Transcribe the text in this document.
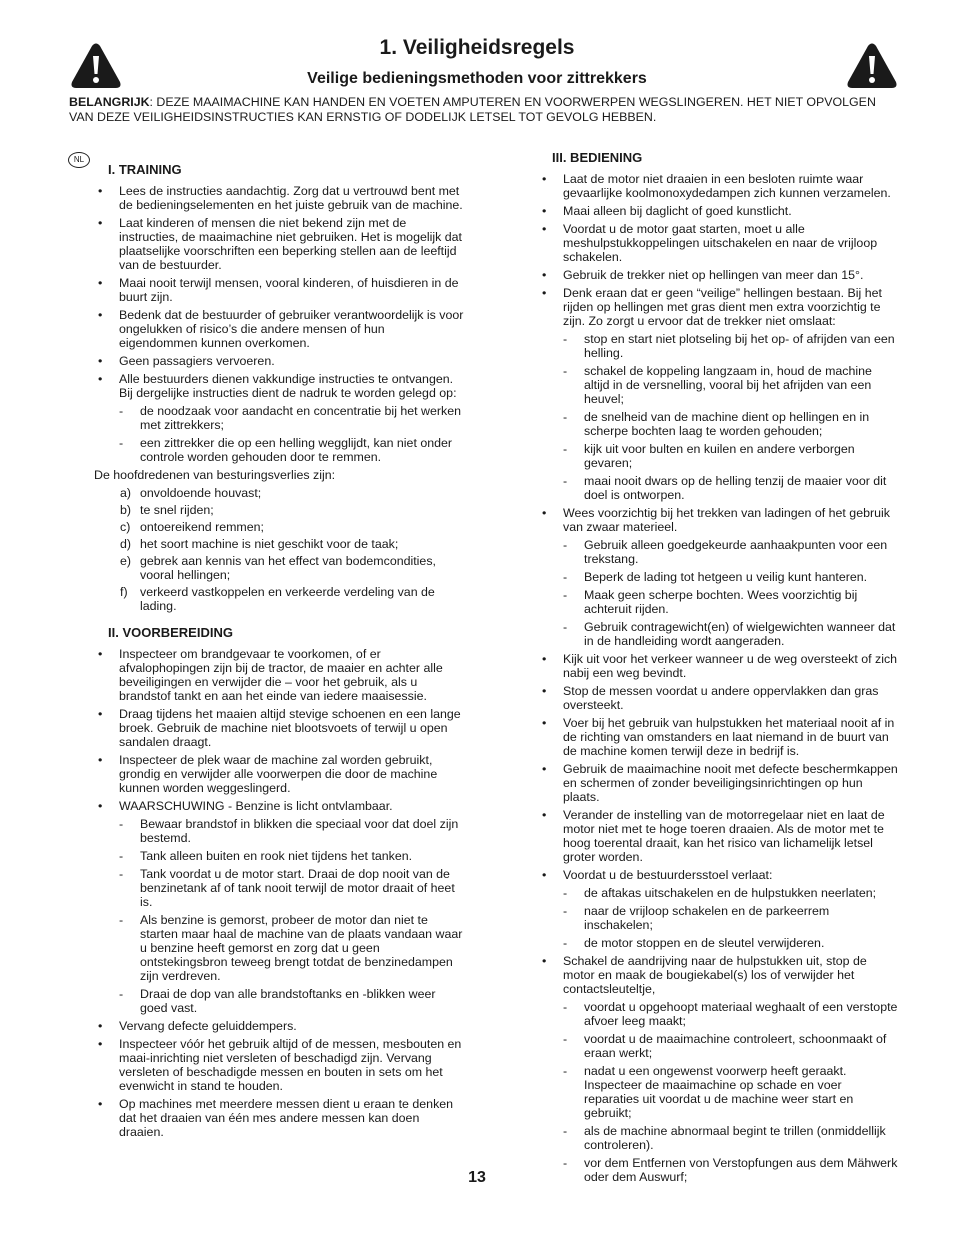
1. Veiligheidsregels
Veilige bedieningsmethoden voor zittrekkers

BELANGRIJK: DEZE MAAIMACHINE KAN HANDEN EN VOETEN AMPUTEREN EN VOORWERPEN WEGSLINGEREN. HET NIET OPVOLGEN VAN DEZE VEILIGHEIDSINSTRUCTIES KAN ERNSTIG OF DODELIJK LETSEL TOT GEVOLG HEBBEN.

NL
I. TRAINING
• Lees de instructies aandachtig. Zorg dat u vertrouwd bent met de bedieningselementen en het juiste gebruik van de machine.
• Laat kinderen of mensen die niet bekend zijn met de instructies, de maaimachine niet gebruiken. Het is mogelijk dat plaatselijke voorschriften een beperking stellen aan de leeftijd van de bestuurder.
• Maai nooit terwijl mensen, vooral kinderen, of huisdieren in de buurt zijn.
• Bedenk dat de bestuurder of gebruiker verantwoordelijk is voor ongelukken of risico’s die andere mensen of hun eigendommen kunnen overkomen.
• Geen passagiers vervoeren.
• Alle bestuurders dienen vakkundige instructies te ontvangen. Bij dergelijke instructies dient de nadruk te worden gelegd op:
- de noodzaak voor aandacht en concentratie bij het werken met zittrekkers;
- een zittrekker die op een helling wegglijdt, kan niet onder controle worden gehouden door te remmen.
De hoofdredenen van besturingsverlies zijn:
a) onvoldoende houvast;
b) te snel rijden;
c) ontoereikend remmen;
d) het soort machine is niet geschikt voor de taak;
e) gebrek aan kennis van het effect van bodemcondities, vooral hellingen;
f) verkeerd vastkoppelen en verkeerde verdeling van de lading.
II. VOORBEREIDING
• Inspecteer om brandgevaar te voorkomen, of er afvalophopingen zijn bij de tractor, de maaier en achter alle beveiligingen en verwijder die – voor het gebruik, als u brandstof tankt en aan het einde van iedere maaisessie.
• Draag tijdens het maaien altijd stevige schoenen en een lange broek. Gebruik de machine niet blootsvoets of terwijl u open sandalen draagt.
• Inspecteer de plek waar de machine zal worden gebruikt, grondig en verwijder alle voorwerpen die door de machine kunnen worden weggeslingerd.
• WAARSCHUWING - Benzine is licht ontvlambaar.
- Bewaar brandstof in blikken die speciaal voor dat doel zijn bestemd.
- Tank alleen buiten en rook niet tijdens het tanken.
- Tank voordat u de motor start. Draai de dop nooit van de benzinetank af of tank nooit terwijl de motor draait of heet is.
- Als benzine is gemorst, probeer de motor dan niet te starten maar haal de machine van de plaats vandaan waar u benzine heeft gemorst en zorg dat u geen ontstekingsbron teweeg brengt totdat de benzinedampen zijn verdreven.
- Draai de dop van alle brandstoftanks en -blikken weer goed vast.
• Vervang defecte geluiddempers.
• Inspecteer vóór het gebruik altijd of de messen, mesbouten en maai-inrichting niet versleten of beschadigd zijn. Vervang versleten of beschadigde messen en bouten in sets om het evenwicht in stand te houden.
• Op machines met meerdere messen dient u eraan te denken dat het draaien van één mes andere messen kan doen draaien.
III. BEDIENING
• Laat de motor niet draaien in een besloten ruimte waar gevaarlijke koolmonoxydedampen zich kunnen verzamelen.
• Maai alleen bij daglicht of goed kunstlicht.
• Voordat u de motor gaat starten, moet u alle meshulpstukkoppelingen uitschakelen en naar de vrijloop schakelen.
• Gebruik de trekker niet op hellingen van meer dan 15°.
• Denk eraan dat er geen “veilige” hellingen bestaan. Bij het rijden op hellingen met gras dient men extra voorzichtig te zijn. Zo zorgt u ervoor dat de trekker niet omslaat:
- stop en start niet plotseling bij het op- of afrijden van een helling.
- schakel de koppeling langzaam in, houd de machine altijd in de versnelling, vooral bij het afrijden van een heuvel;
- de snelheid van de machine dient op hellingen en in scherpe bochten laag te worden gehouden;
- kijk uit voor bulten en kuilen en andere verborgen gevaren;
- maai nooit dwars op de helling tenzij de maaier voor dit doel is ontworpen.
• Wees voorzichtig bij het trekken van ladingen of het gebruik van zwaar materieel.
- Gebruik alleen goedgekeurde aanhaakpunten voor een trekstang.
- Beperk de lading tot hetgeen u veilig kunt hanteren.
- Maak geen scherpe bochten. Wees voorzichtig bij achteruit rijden.
- Gebruik contragewicht(en) of wielgewichten wanneer dat in de handleiding wordt aangeraden.
• Kijk uit voor het verkeer wanneer u de weg oversteekt of zich nabij een weg bevindt.
• Stop de messen voordat u andere oppervlakken dan gras oversteekt.
• Voer bij het gebruik van hulpstukken het materiaal nooit af in de richting van omstanders en laat niemand in de buurt van de machine komen terwijl deze in bedrijf is.
• Gebruik de maaimachine nooit met defecte beschermkappen en schermen of zonder beveiligingsinrichtingen op hun plaats.
• Verander de instelling van de motorregelaar niet en laat de motor niet met te hoge toeren draaien. Als de motor met te hoog toerental draait, kan het risico van lichamelijk letsel groter worden.
• Voordat u de bestuurdersstoel verlaat:
- de aftakas uitschakelen en de hulpstukken neerlaten;
- naar de vrijloop schakelen en de parkeerrem inschakelen;
- de motor stoppen en de sleutel verwijderen.
• Schakel de aandrijving naar de hulpstukken uit, stop de motor en maak de bougiekabel(s) los of verwijder het contactsleuteltje,
- voordat u opgehoopt materiaal weghaalt of een verstopte afvoer leeg maakt;
- voordat u de maaimachine controleert, schoonmaakt of eraan werkt;
- nadat u een ongewenst voorwerp heeft geraakt. Inspecteer de maaimachine op schade en voer reparaties uit voordat u de machine weer start en gebruikt;
- als de machine abnormaal begint te trillen (onmiddellijk controleren).
- vor dem Entfernen von Verstopfungen aus dem Mähwerk oder dem Auswurf;
13
